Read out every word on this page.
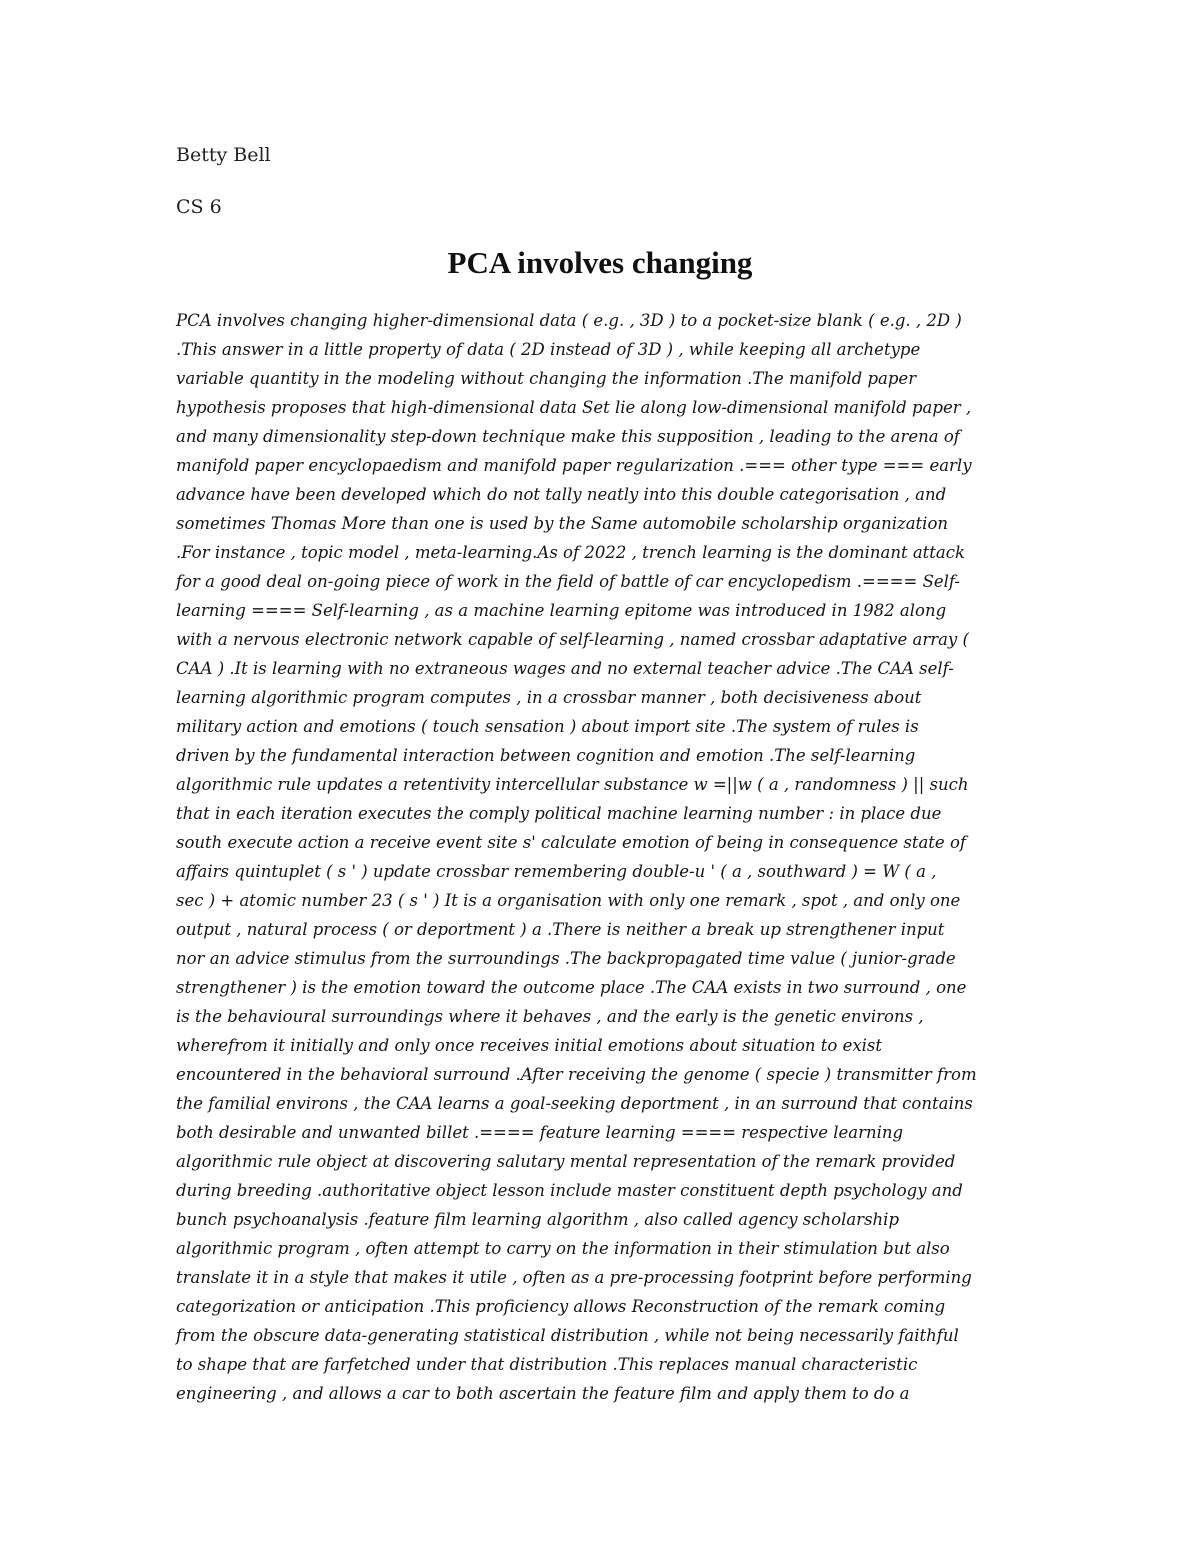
Betty Bell

CS 6

PCA involves changing
PCA involves changing higher-dimensional data ( e.g. , 3D ) to a pocket-size blank ( e.g. , 2D )
.This answer in a little property of data ( 2D instead of 3D ) , while keeping all archetype
variable quantity in the modeling without changing the information .The manifold paper
hypothesis proposes that high-dimensional data Set lie along low-dimensional manifold paper ,
and many dimensionality step-down technique make this supposition , leading to the arena of
manifold paper encyclopaedism and manifold paper regularization .=== other type === early
advance have been developed which do not tally neatly into this double categorisation , and
sometimes Thomas More than one is used by the Same automobile scholarship organization
.For instance , topic model , meta-learning.As of 2022 , trench learning is the dominant attack
for a good deal on-going piece of work in the field of battle of car encyclopedism .==== Self-
learning ==== Self-learning , as a machine learning epitome was introduced in 1982 along
with a nervous electronic network capable of self-learning , named crossbar adaptative array (
CAA ) .It is learning with no extraneous wages and no external teacher advice .The CAA self-
learning algorithmic program computes , in a crossbar manner , both decisiveness about
military action and emotions ( touch sensation ) about import site .The system of rules is
driven by the fundamental interaction between cognition and emotion .The self-learning
algorithmic rule updates a retentivity intercellular substance w =||w ( a , randomness ) || such
that in each iteration executes the comply political machine learning number : in place due
south execute action a receive event site s' calculate emotion of being in consequence state of
affairs quintuplet ( s ' ) update crossbar remembering double-u ' ( a , southward ) = W ( a ,
sec ) + atomic number 23 ( s ' ) It is a organisation with only one remark , spot , and only one
output , natural process ( or deportment ) a .There is neither a break up strengthener input
nor an advice stimulus from the surroundings .The backpropagated time value ( junior-grade
strengthener ) is the emotion toward the outcome place .The CAA exists in two surround , one
is the behavioural surroundings where it behaves , and the early is the genetic environs ,
wherefrom it initially and only once receives initial emotions about situation to exist
encountered in the behavioral surround .After receiving the genome ( specie ) transmitter from
the familial environs , the CAA learns a goal-seeking deportment , in an surround that contains
both desirable and unwanted billet .==== feature learning ==== respective learning
algorithmic rule object at discovering salutary mental representation of the remark provided
during breeding .authoritative object lesson include master constituent depth psychology and
bunch psychoanalysis .feature film learning algorithm , also called agency scholarship
algorithmic program , often attempt to carry on the information in their stimulation but also
translate it in a style that makes it utile , often as a pre-processing footprint before performing
categorization or anticipation .This proficiency allows Reconstruction of the remark coming
from the obscure data-generating statistical distribution , while not being necessarily faithful
to shape that are farfetched under that distribution .This replaces manual characteristic
engineering , and allows a car to both ascertain the feature film and apply them to do a
